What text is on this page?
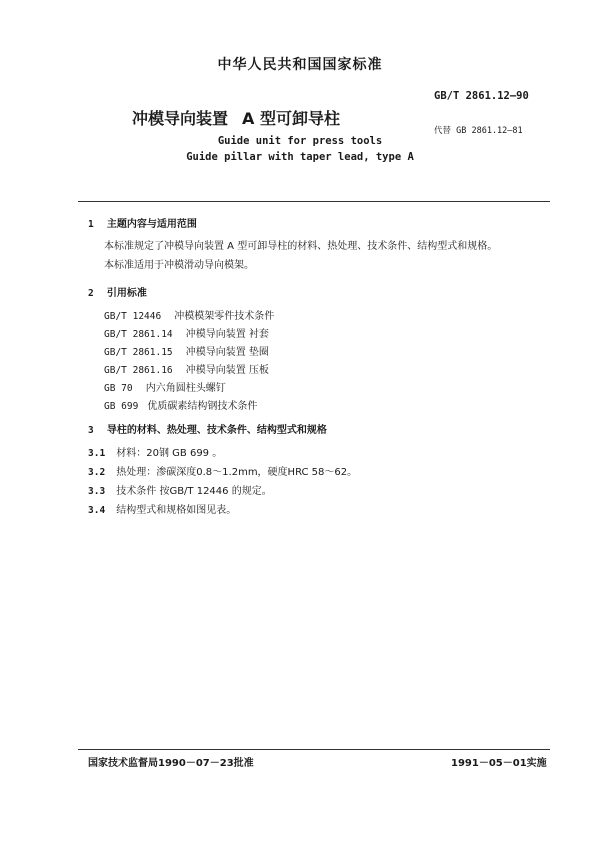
中华人民共和国国家标准
GB/T 2861.12—90
冲模导向装置 A 型可卸导柱
代替 GB 2861.12—81
Guide unit for press tools
Guide pillar with taper lead, type A
1 主题内容与适用范围
本标准规定了冲模导向装置 A 型可卸导柱的材料、热处理、技术条件、结构型式和规格。
本标准适用于冲模滑动导向模架。
2 引用标准
GB/T 12446 冲模模架零件技术条件
GB/T 2861.14 冲模导向装置 衬套
GB/T 2861.15 冲模导向装置 垫圈
GB/T 2861.16 冲模导向装置 压板
GB 70 内六角圆柱头螺钉
GB 699 优质碳素结构钢技术条件
3 导柱的材料、热处理、技术条件、结构型式和规格
3.1 材料：20钢 GB 699 。
3.2 热处理：渗碳深度0.8～1.2mm，硬度HRC 58～62。
3.3 技术条件 按GB/T 12446 的规定。
3.4 结构型式和规格如图见表。
国家技术监督局1990－07－23批准	1991－05－01实施
